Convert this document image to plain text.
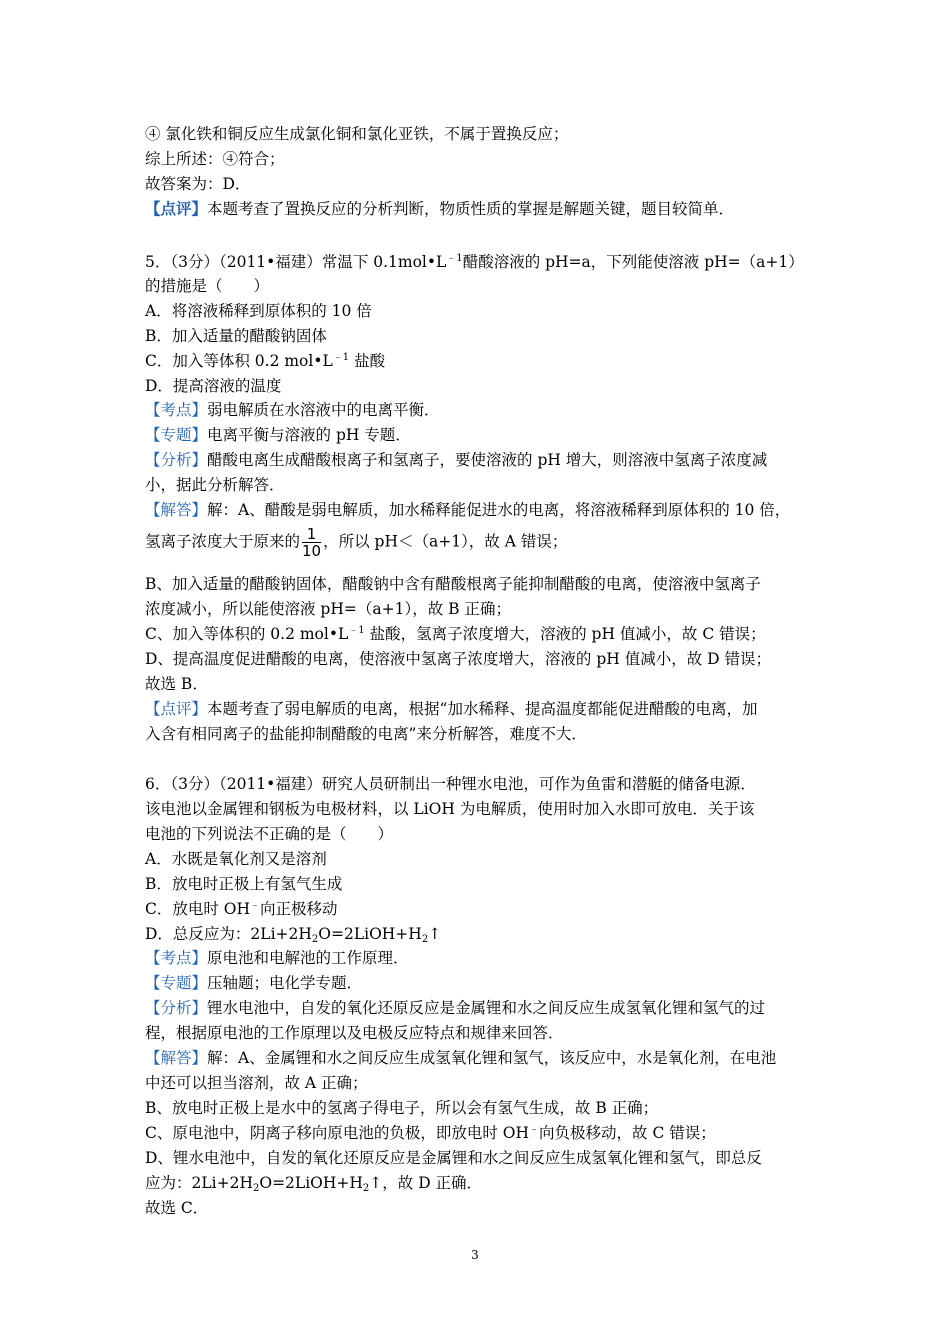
④ 氯化铁和铜反应生成氯化铜和氯化亚铁，不属于置换反应；
综上所述：④符合；
故答案为：D．
【点评】本题考查了置换反应的分析判断，物质性质的掌握是解题关键，题目较简单．
5．（3分）（2011•福建）常温下 $0.1mol•L^{﹣1}$醋酸溶液的 pH=a，下列能使溶液 pH=（a+1）
的措施是（　　）
A．将溶液稀释到原体积的 10 倍
B．加入适量的醋酸钠固体
C．加入等体积 0.2 $mol•L^{﹣1}$ 盐酸
D．提高溶液的温度
【考点】弱电解质在水溶液中的电离平衡．
【专题】电离平衡与溶液的 pH 专题．
【分析】醋酸电离生成醋酸根离子和氢离子，要使溶液的 pH 增大，则溶液中氢离子浓度减
小，据此分析解答．
【解答】解：A、醋酸是弱电解质，加水稀释能促进水的电离，将溶液稀释到原体积的 10 倍，
氢离子浓度大于原来的 $\frac{1}{10}$ ，所以 pH＜（a+1），故 A 错误；
B、加入适量的醋酸钠固体，醋酸钠中含有醋酸根离子能抑制醋酸的电离，使溶液中氢离子
浓度减小，所以能使溶液 pH=（a+1），故 B 正确；
C、加入等体积的 0.2 $mol•L^{﹣1}$ 盐酸，氢离子浓度增大，溶液的 pH 值减小，故 C 错误；
D、提高温度促进醋酸的电离，使溶液中氢离子浓度增大，溶液的 pH 值减小，故 D 错误；
故选 B．
【点评】本题考查了弱电解质的电离，根据“加水稀释、提高温度都能促进醋酸的电离，加
入含有相同离子的盐能抑制醋酸的电离”来分析解答，难度不大．
6．（3分）（2011•福建）研究人员研制出一种锂水电池，可作为鱼雷和潜艇的储备电源．
该电池以金属锂和钢板为电极材料，以 LiOH 为电解质，使用时加入水即可放电．关于该
电池的下列说法不正确的是（　　）
A．水既是氧化剂又是溶剂
B．放电时正极上有氢气生成
C．放电时 OH﹣向正极移动
D．总反应为：$2Li+2H_2O=2LiOH+H_2↑$
【考点】原电池和电解池的工作原理．
【专题】压轴题；电化学专题．
【分析】锂水电池中，自发的氧化还原反应是金属锂和水之间反应生成氢氧化锂和氢气的过
程，根据原电池的工作原理以及电极反应特点和规律来回答．
【解答】解：A、金属锂和水之间反应生成氢氧化锂和氢气，该反应中，水是氧化剂，在电池
中还可以担当溶剂，故 A 正确；
B、放电时正极上是水中的氢离子得电子，所以会有氢气生成，故 B 正确；
C、原电池中，阴离子移向原电池的负极，即放电时 OH﹣向负极移动，故 C 错误；
D、锂水电池中，自发的氧化还原反应是金属锂和水之间反应生成氢氧化锂和氢气，即总反
应为：$2Li+2H_2O=2LiOH+H_2↑$，故 D 正确．
故选 C．
3
